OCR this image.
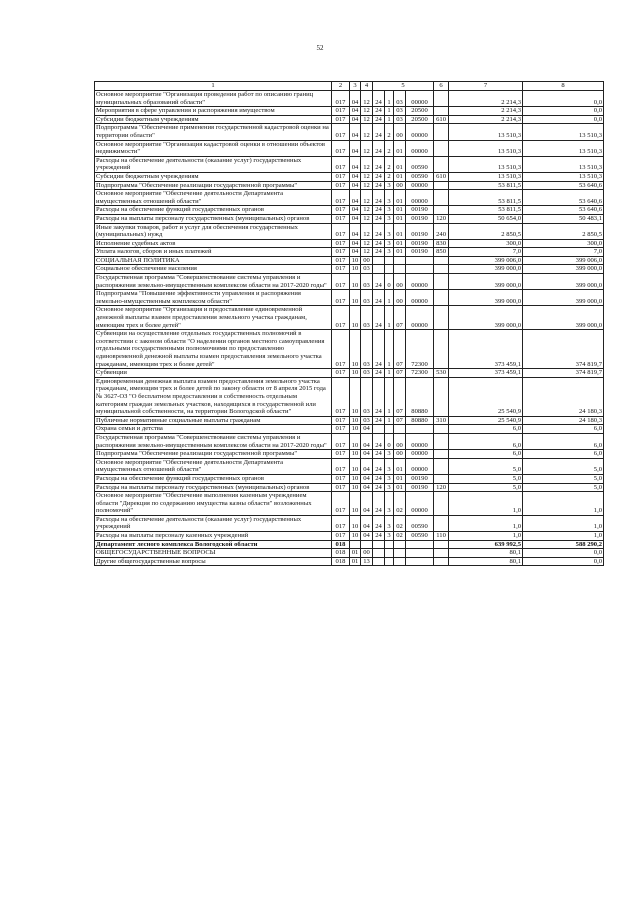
52
1	2	3	4	5				6	7	8
Основное мероприятие "Организация проведения работ по описанию границ муниципальных образований области"	017	04	12	24	1	03	00000		2 214,3	0,0
Мероприятия в сфере управления и распоряжения имуществом	017	04	12	24	1	03	20500		2 214,3	0,0
Субсидии бюджетным учреждениям	017	04	12	24	1	03	20500	610	2 214,3	0,0
Подпрограмма "Обеспечение применения государственной кадастровой оценки на территории области"	017	04	12	24	2	00	00000		13 510,3	13 510,3
Основное мероприятие "Организация кадастровой оценки в отношении объектов недвижимости"	017	04	12	24	2	01	00000		13 510,3	13 510,3
Расходы на обеспечение деятельности (оказание услуг) государственных учреждений	017	04	12	24	2	01	00590		13 510,3	13 510,3
Субсидии бюджетным учреждениям	017	04	12	24	2	01	00590	610	13 510,3	13 510,3
Подпрограмма "Обеспечение реализации государственной программы"	017	04	12	24	3	00	00000		53 811,5	53 640,6
Основное мероприятие "Обеспечение деятельности Департамента имущественных отношений области"	017	04	12	24	3	01	00000		53 811,5	53 640,6
Расходы на обеспечение функций государственных органов	017	04	12	24	3	01	00190		53 811,5	53 640,6
Расходы на выплаты персоналу государственных (муниципальных) органов	017	04	12	24	3	01	00190	120	50 654,0	50 483,1
Иные закупки товаров, работ и услуг для обеспечения государственных (муниципальных) нужд	017	04	12	24	3	01	00190	240	2 850,5	2 850,5
Исполнение судебных актов	017	04	12	24	3	01	00190	830	300,0	300,0
Уплата налогов, сборов и иных платежей	017	04	12	24	3	01	00190	850	7,0	7,0
СОЦИАЛЬНАЯ ПОЛИТИКА	017	10	00						399 006,0	399 006,0
Социальное обеспечение населения	017	10	03						399 000,0	399 000,0
Государственная программа "Совершенствование системы управления и распоряжения земельно-имущественным комплексом области на 2017-2020 годы"	017	10	03	24	0	00	00000		399 000,0	399 000,0
Подпрограмма "Повышение эффективности управления и распоряжения земельно-имущественным комплексом области"	017	10	03	24	1	00	00000		399 000,0	399 000,0
Основное мероприятие "Организация и предоставление единовременной денежной выплаты взамен предоставления земельного участка гражданам, имеющим трех и более детей"	017	10	03	24	1	07	00000		399 000,0	399 000,0
Субвенции на осуществление отдельных государственных полномочий в соответствии с законом области "О наделении органов местного самоуправления отдельными государственными полномочиями по предоставлению единовременной денежной выплаты взамен предоставления земельного участка гражданам, имеющим трех и более детей"	017	10	03	24	1	07	72300		373 459,1	374 819,7
Субвенции	017	10	03	24	1	07	72300	530	373 459,1	374 819,7
Единовременная денежная выплата взамен предоставления земельного участка гражданам, имеющим трех и более детей по закону области от 8 апреля 2015 года № 3627-ОЗ "О бесплатном предоставлении в собственность отдельным категориям граждан земельных участков, находящихся в государственной или муниципальной собственности, на территории Вологодской области"	017	10	03	24	1	07	80880		25 540,9	24 180,3
Публичные нормативные социальные выплаты гражданам	017	10	03	24	1	07	80880	310	25 540,9	24 180,3
Охрана семьи и детства	017	10	04						6,0	6,0
Государственная программа "Совершенствование системы управления и распоряжения земельно-имущественным комплексом области на 2017-2020 годы"	017	10	04	24	0	00	00000		6,0	6,0
Подпрограмма "Обеспечение реализации государственной программы"	017	10	04	24	3	00	00000		6,0	6,0
Основное мероприятие "Обеспечение деятельности Департамента имущественных отношений области"	017	10	04	24	3	01	00000		5,0	5,0
Расходы на обеспечение функций государственных органов	017	10	04	24	3	01	00190		5,0	5,0
Расходы на выплаты персоналу государственных (муниципальных) органов	017	10	04	24	3	01	00190	120	5,0	5,0
Основное мероприятие "Обеспечение выполнения казенным учреждением области "Дирекция по содержанию имущества казны области" возложенных полномочий"	017	10	04	24	3	02	00000		1,0	1,0
Расходы на обеспечение деятельности (оказание услуг) государственных учреждений	017	10	04	24	3	02	00590		1,0	1,0
Расходы на выплаты персоналу казенных учреждений	017	10	04	24	3	02	00590	110	1,0	1,0
Департамент лесного комплекса Вологодской области	018								639 992,5	588 290,2
ОБЩЕГОСУДАРСТВЕННЫЕ ВОПРОСЫ	018	01	00						80,1	0,0
Другие общегосударственные вопросы	018	01	13						80,1	0,0
